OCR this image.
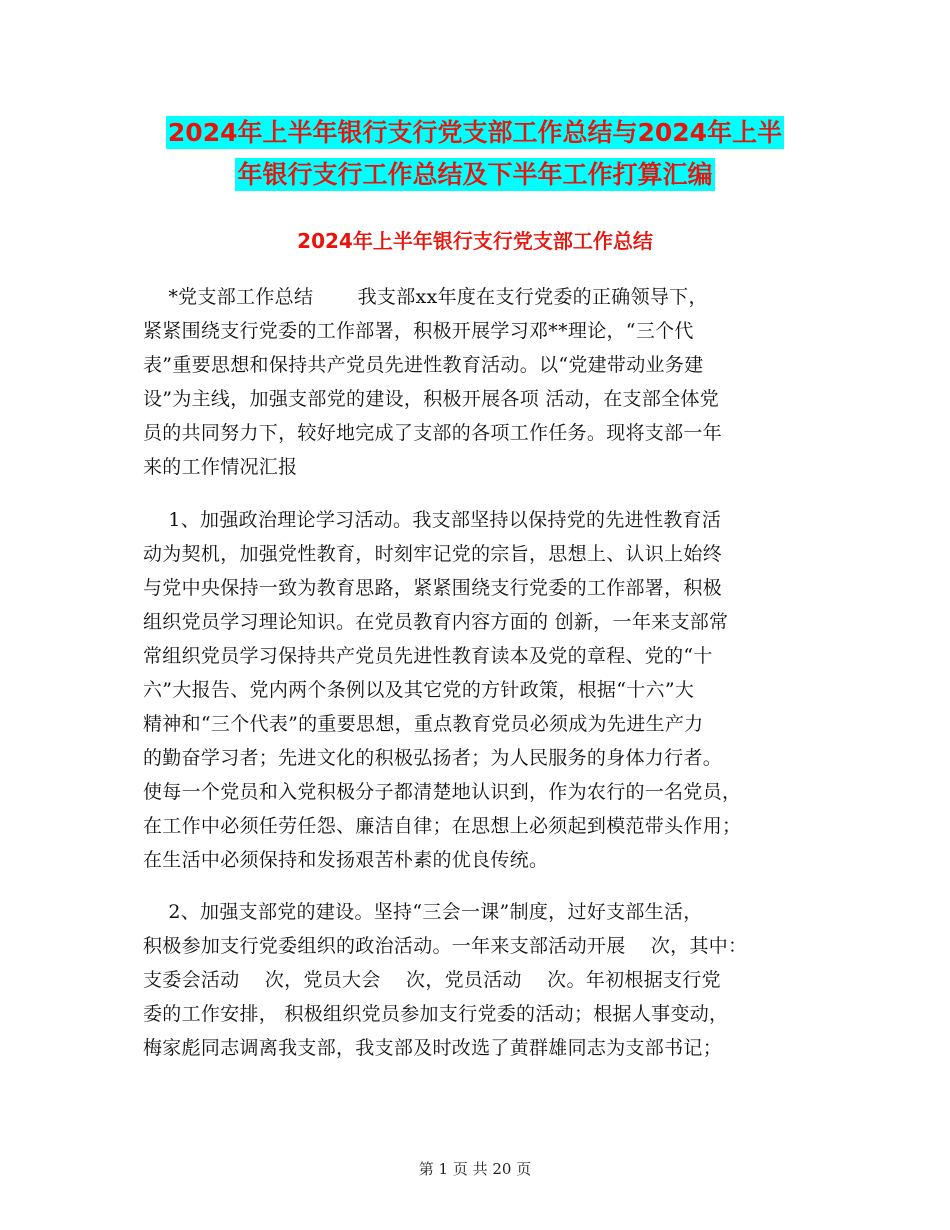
2024年上半年银行支行党支部工作总结与2024年上半
年银行支行工作总结及下半年工作打算汇编
2024年上半年银行支行党支部工作总结
*党支部工作总结       我支部xx年度在支行党委的正确领导下，
紧紧围绕支行党委的工作部署，积极开展学习邓**理论，“三个代
表”重要思想和保持共产党员先进性教育活动。以“党建带动业务建
设”为主线，加强支部党的建设，积极开展各项 活动，在支部全体党
员的共同努力下，较好地完成了支部的各项工作任务。现将支部一年
来的工作情况汇报
1、加强政治理论学习活动。我支部坚持以保持党的先进性教育活
动为契机，加强党性教育，时刻牢记党的宗旨，思想上、认识上始终
与党中央保持一致为教育思路，紧紧围绕支行党委的工作部署，积极
组织党员学习理论知识。在党员教育内容方面的 创新，一年来支部常
常组织党员学习保持共产党员先进性教育读本及党的章程、党的“十
六”大报告、党内两个条例以及其它党的方针政策，根据“十六”大
精神和“三个代表”的重要思想，重点教育党员必须成为先进生产力
的勤奋学习者；先进文化的积极弘扬者；为人民服务的身体力行者。
使每一个党员和入党积极分子都清楚地认识到，作为农行的一名党员，
在工作中必须任劳任怨、廉洁自律；在思想上必须起到模范带头作用；
在生活中必须保持和发扬艰苦朴素的优良传统。
2、加强支部党的建设。坚持“三会一课”制度，过好支部生活，
积极参加支行党委组织的政治活动。一年来支部活动开展    次，其中：
支委会活动    次，党员大会    次，党员活动    次。年初根据支行党
委的工作安排， 积极组织党员参加支行党委的活动；根据人事变动，
梅家彪同志调离我支部，我支部及时改选了黄群雄同志为支部书记；
第 1 页 共 20 页
